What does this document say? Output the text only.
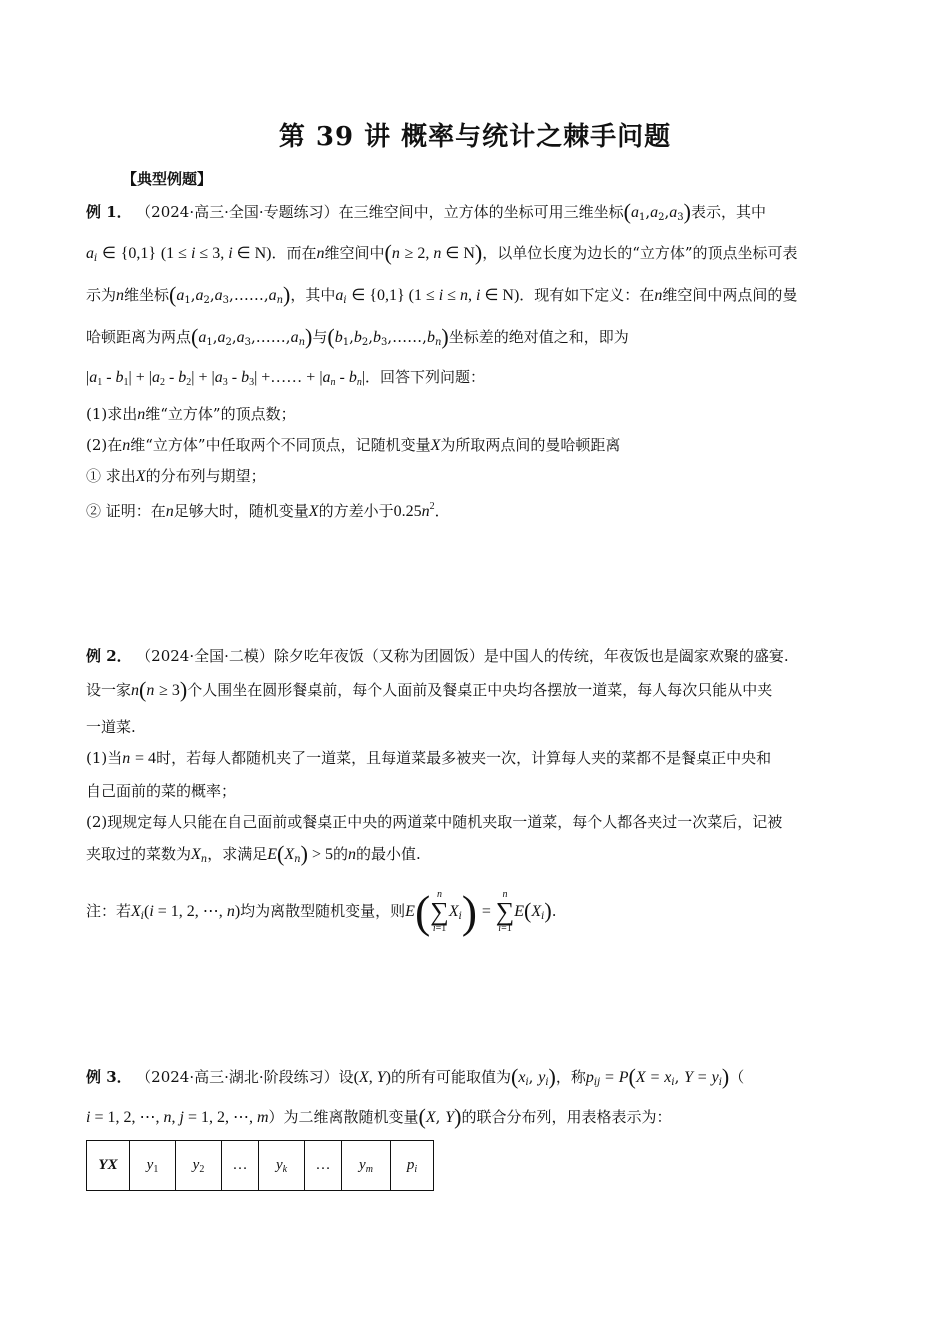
第 39 讲 概率与统计之棘手问题
【典型例题】
例 1． （2024·高三·全国·专题练习）在三维空间中，立方体的坐标可用三维坐标$(a_1,a_2,a_3)$表示，其中
$a_i$ ∈ {0,1} (1 ≤ i ≤ 3, i ∈ N)．而在n维空间中(n ≥ 2, n ∈ N)，以单位长度为边长的“立方体”的顶点坐标可表
示为n维坐标$(a_1,a_2,a_3,\dots\dots,a_n)$，其中$a_i$ ∈ {0,1} (1 ≤ i ≤ n, i ∈ N)．现有如下定义：在n维空间中两点间的曼
哈顿距离为两点$(a_1,a_2,a_3,\dots\dots,a_n)$与$(b_1,b_2,b_3,\dots\dots,b_n)$坐标差的绝对值之和，即为
$|a_1 - b_1| + |a_2 - b_2| + |a_3 - b_3|$ +…… + $|a_n - b_n|$．回答下列问题：
(1)求出n维“立方体”的顶点数；
(2)在n维“立方体”中任取两个不同顶点，记随机变量X为所取两点间的曼哈顿距离
① 求出X的分布列与期望；
② 证明：在n足够大时，随机变量X的方差小于$0.25n^2$．
例 2． （2024·全国·二模）除夕吃年夜饭（又称为团圆饭）是中国人的传统，年夜饭也是阖家欢聚的盛宴.
设一家n(n ≥ 3)个人围坐在圆形餐桌前，每个人面前及餐桌正中央均各摆放一道菜，每人每次只能从中夹
一道菜.
(1)当n = 4时，若每人都随机夹了一道菜，且每道菜最多被夹一次，计算每人夹的菜都不是餐桌正中央和
自己面前的菜的概率；
(2)现规定每人只能在自己面前或餐桌正中央的两道菜中随机夹取一道菜，每个人都各夹过一次菜后，记被
夹取过的菜数为$X_n$，求满足$E(X_n) > 5$的n的最小值.
注：若$X_i(i = 1$, 2, ⋯, n)均为离散型随机变量，则E( n
∑
$i=1X_i) = n$
∑
$i=1E(X_i)$.
例 3． （2024·高三·湖北·阶段练习）设(X, Y)的所有可能取值为($x_i$, $y_i$)，称$p_{ij} = P(X = x_i$, $Y = y_i$)（
i = 1, 2, ⋯, n, j = 1, 2, ⋯, m）为二维离散随机变量(X, Y)的联合分布列，用表格表示为：
YX	$y_1$	$y_2$	…	$y_k$	…	$y_m$	$p_i$
